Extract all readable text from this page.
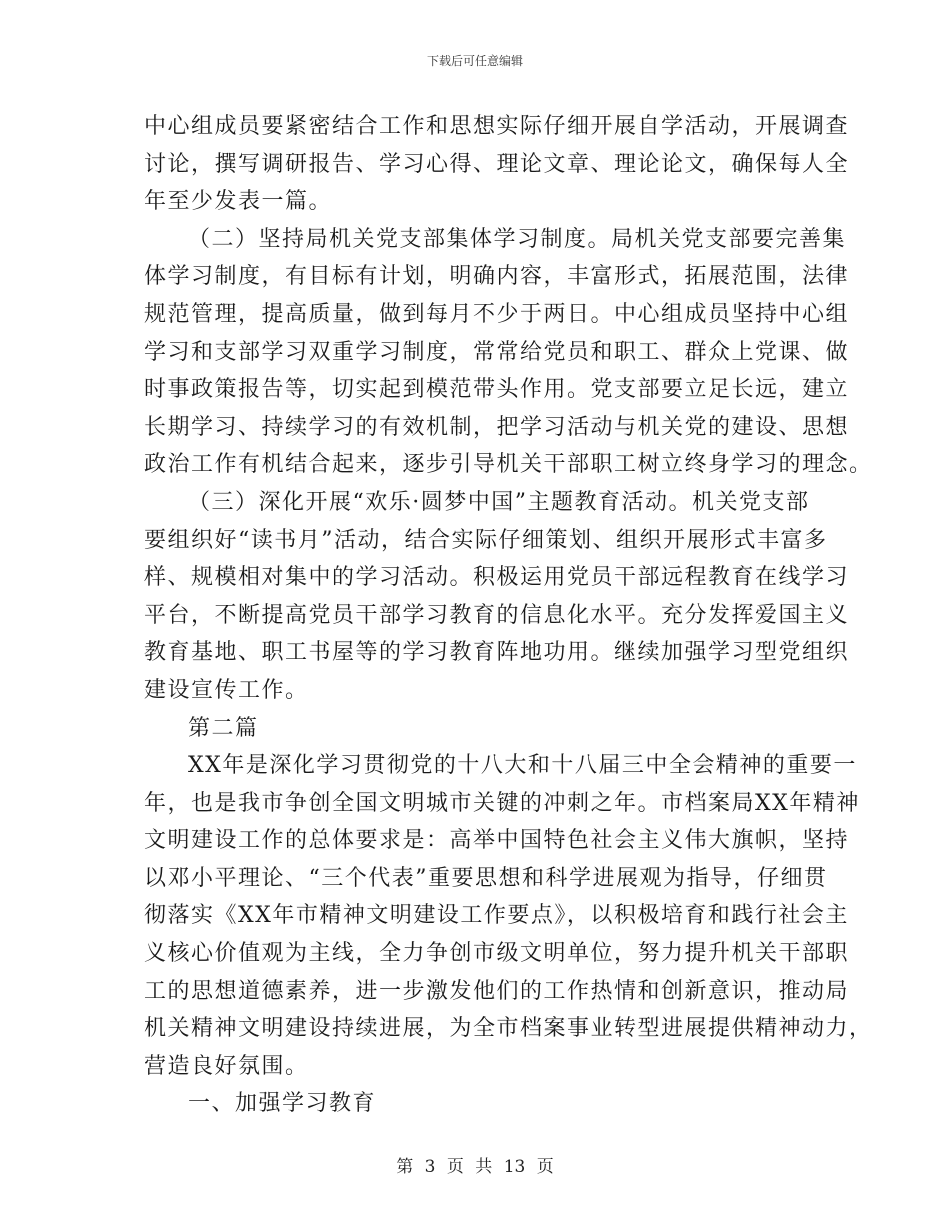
下载后可任意编辑
中心组成员要紧密结合工作和思想实际仔细开展自学活动，开展调查
讨论，撰写调研报告、学习心得、理论文章、理论论文，确保每人全
年至少发表一篇。
（二）坚持局机关党支部集体学习制度。局机关党支部要完善集
体学习制度，有目标有计划，明确内容，丰富形式，拓展范围，法律
规范管理，提高质量，做到每月不少于两日。中心组成员坚持中心组
学习和支部学习双重学习制度，常常给党员和职工、群众上党课、做
时事政策报告等，切实起到模范带头作用。党支部要立足长远，建立
长期学习、持续学习的有效机制，把学习活动与机关党的建设、思想
政治工作有机结合起来，逐步引导机关干部职工树立终身学习的理念。
（三）深化开展“欢乐·圆梦中国”主题教育活动。机关党支部
要组织好“读书月”活动，结合实际仔细策划、组织开展形式丰富多
样、规模相对集中的学习活动。积极运用党员干部远程教育在线学习
平台，不断提高党员干部学习教育的信息化水平。充分发挥爱国主义
教育基地、职工书屋等的学习教育阵地功用。继续加强学习型党组织
建设宣传工作。
第二篇
XX年是深化学习贯彻党的十八大和十八届三中全会精神的重要一
年，也是我市争创全国文明城市关键的冲刺之年。市档案局XX年精神
文明建设工作的总体要求是：高举中国特色社会主义伟大旗帜，坚持
以邓小平理论、“三个代表”重要思想和科学进展观为指导，仔细贯
彻落实《XX年市精神文明建设工作要点》，以积极培育和践行社会主
义核心价值观为主线，全力争创市级文明单位，努力提升机关干部职
工的思想道德素养，进一步激发他们的工作热情和创新意识，推动局
机关精神文明建设持续进展，为全市档案事业转型进展提供精神动力，
营造良好氛围。
一、加强学习教育
第 3 页 共 13 页
